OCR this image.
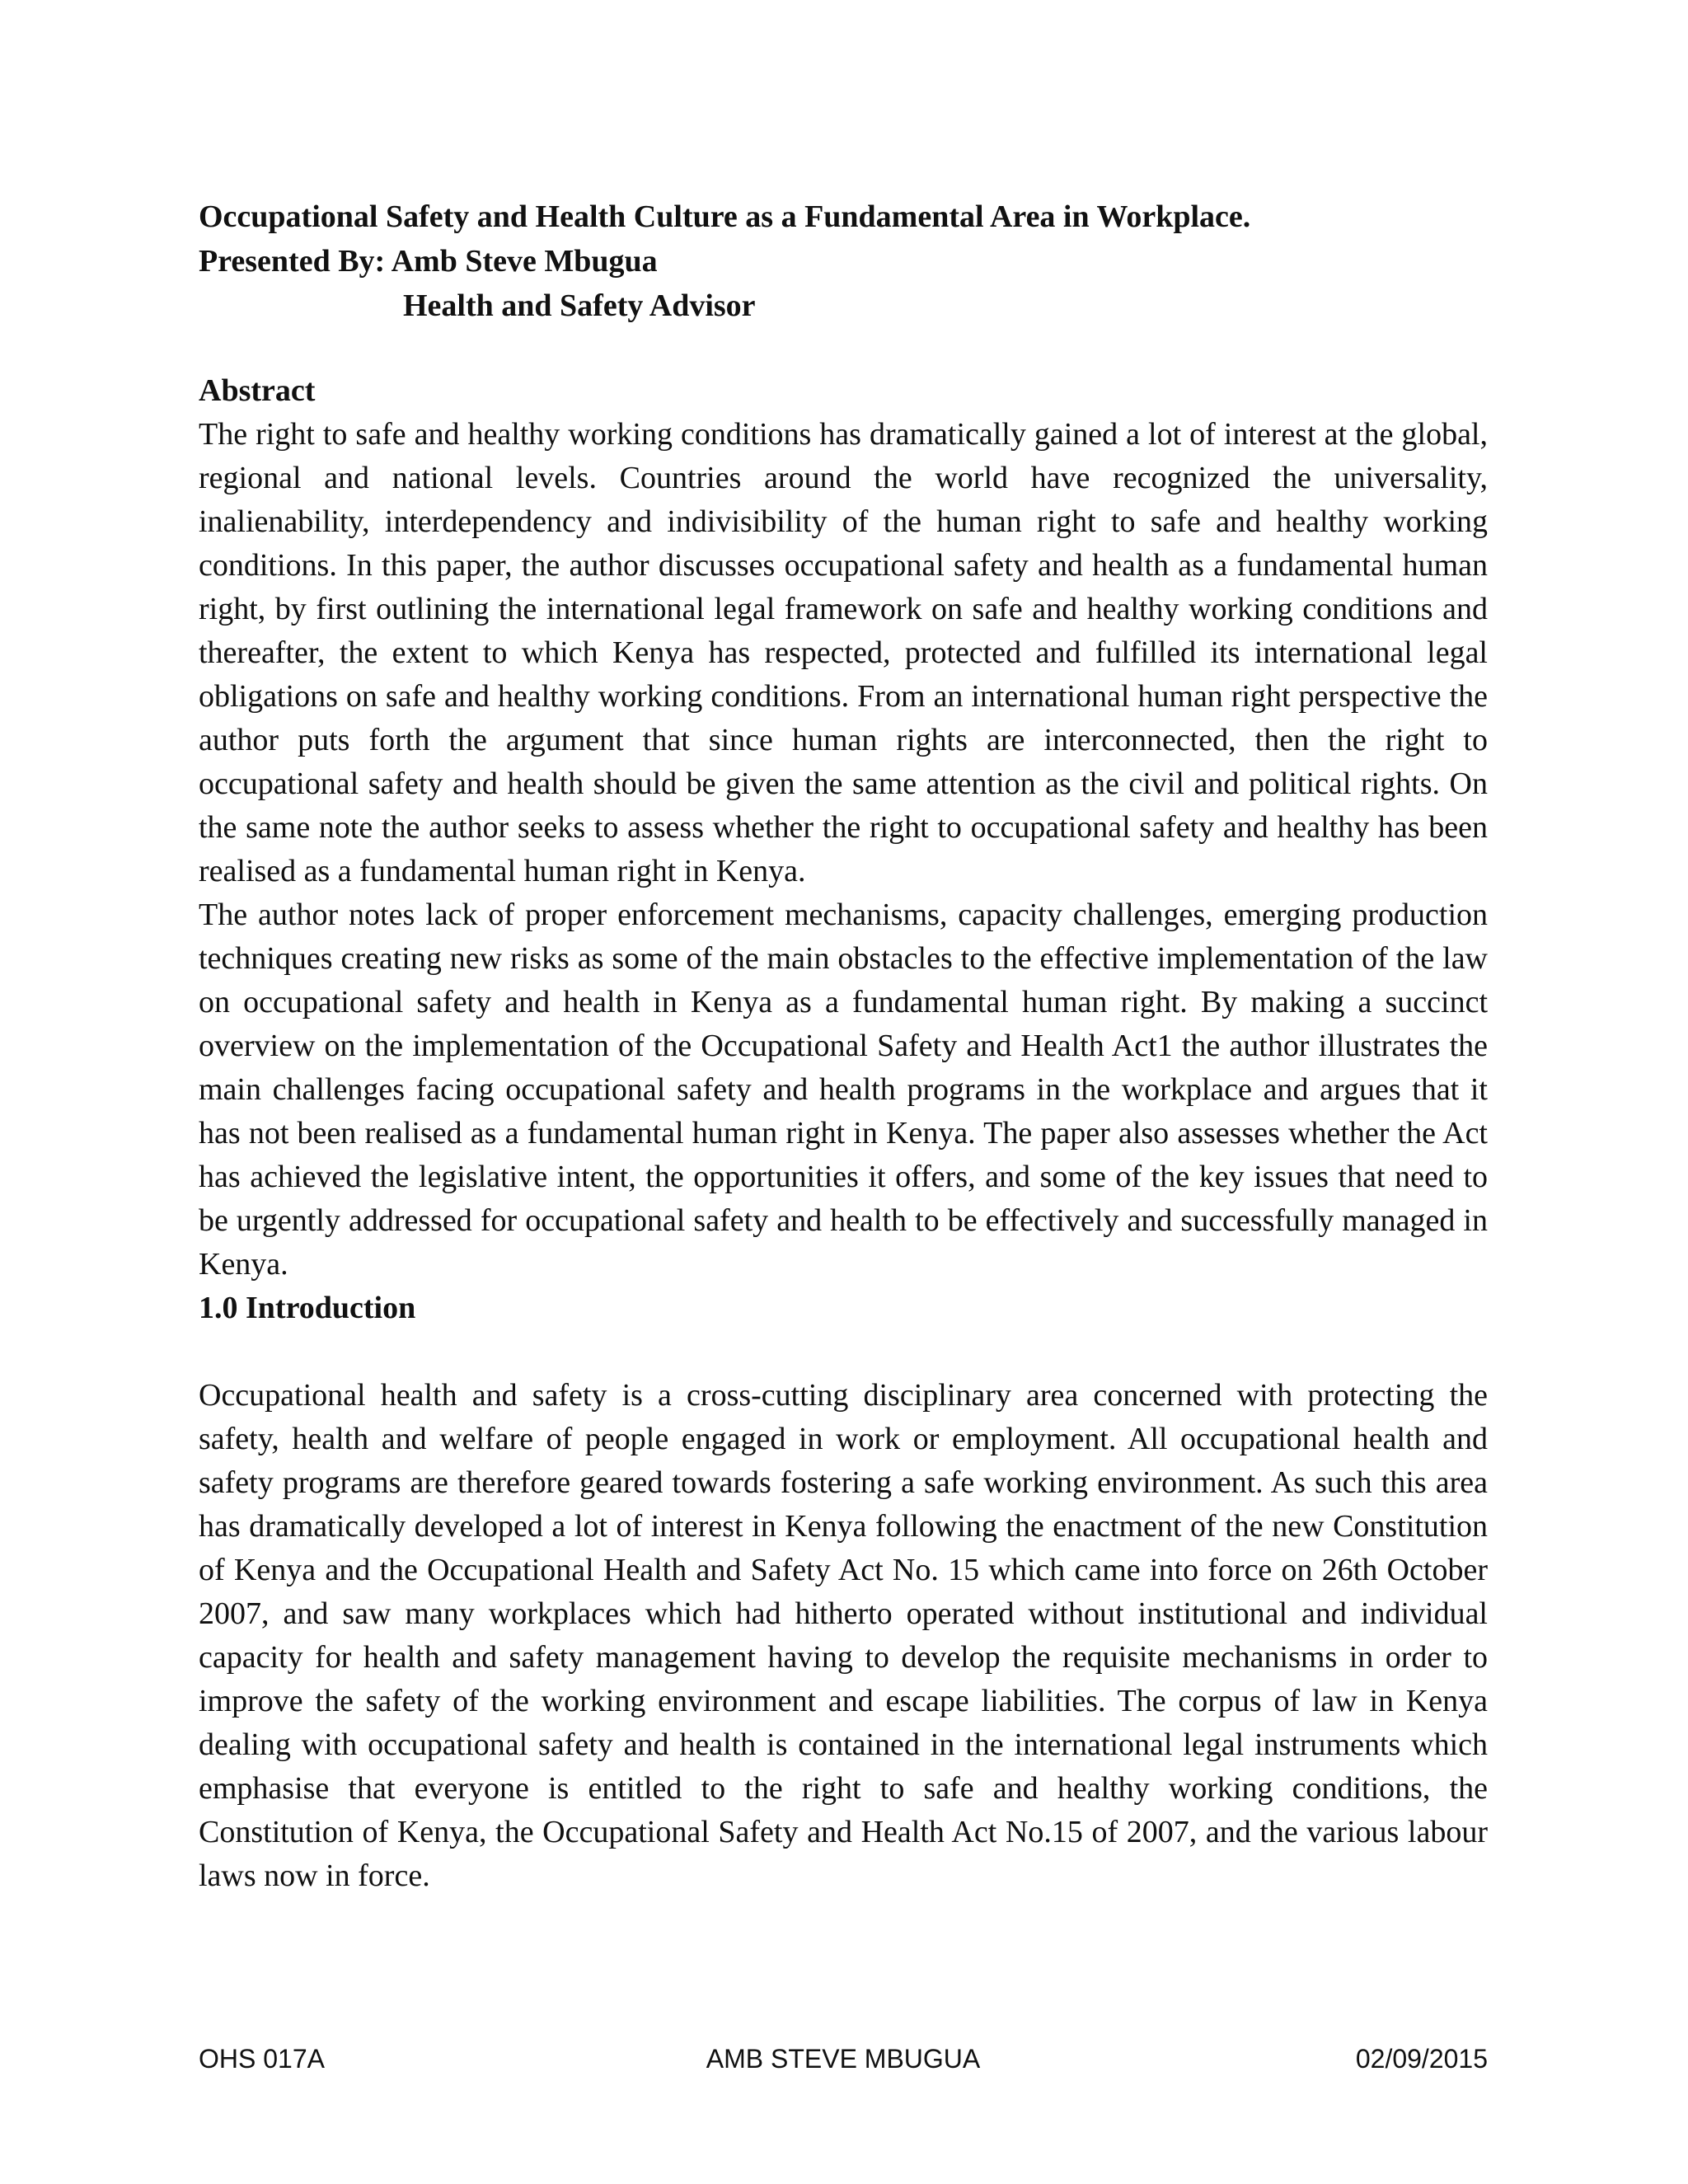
Occupational Safety and Health Culture as a Fundamental Area in Workplace.

Presented By: Amb Steve Mbugua

Health and Safety Advisor

Abstract

The right to safe and healthy working conditions has dramatically gained a lot of interest at the global, regional and national levels. Countries around the world have recognized the universality, inalienability, interdependency and indivisibility of the human right to safe and healthy working conditions. In this paper, the author discusses occupational safety and health as a fundamental human right, by first outlining the international legal framework on safe and healthy working conditions and thereafter, the extent to which Kenya has respected, protected and fulfilled its international legal obligations on safe and healthy working conditions. From an international human right perspective the author puts forth the argument that since human rights are interconnected, then the right to occupational safety and health should be given the same attention as the civil and political rights. On the same note the author seeks to assess whether the right to occupational safety and healthy has been realised as a fundamental human right in Kenya.

The author notes lack of proper enforcement mechanisms, capacity challenges, emerging production techniques creating new risks as some of the main obstacles to the effective implementation of the law on occupational safety and health in Kenya as a fundamental human right. By making a succinct overview on the implementation of the Occupational Safety and Health Act1 the author illustrates the main challenges facing occupational safety and health programs in the workplace and argues that it has not been realised as a fundamental human right in Kenya. The paper also assesses whether the Act has achieved the legislative intent, the opportunities it offers, and some of the key issues that need to be urgently addressed for occupational safety and health to be effectively and successfully managed in Kenya.

1.0 Introduction

Occupational health and safety is a cross-cutting disciplinary area concerned with protecting the safety, health and welfare of people engaged in work or employment. All occupational health and safety programs are therefore geared towards fostering a safe working environment. As such this area has dramatically developed a lot of interest in Kenya following the enactment of the new Constitution of Kenya and the Occupational Health and Safety Act No. 15 which came into force on 26th October 2007, and saw many workplaces which had hitherto operated without institutional and individual capacity for health and safety management having to develop the requisite mechanisms in order to improve the safety of the working environment and escape liabilities. The corpus of law in Kenya dealing with occupational safety and health is contained in the international legal instruments which emphasise that everyone is entitled to the right to safe and healthy working conditions, the Constitution of Kenya, the Occupational Safety and Health Act No.15 of 2007, and the various labour laws now in force.

OHS 017A	AMB STEVE MBUGUA	02/09/2015
